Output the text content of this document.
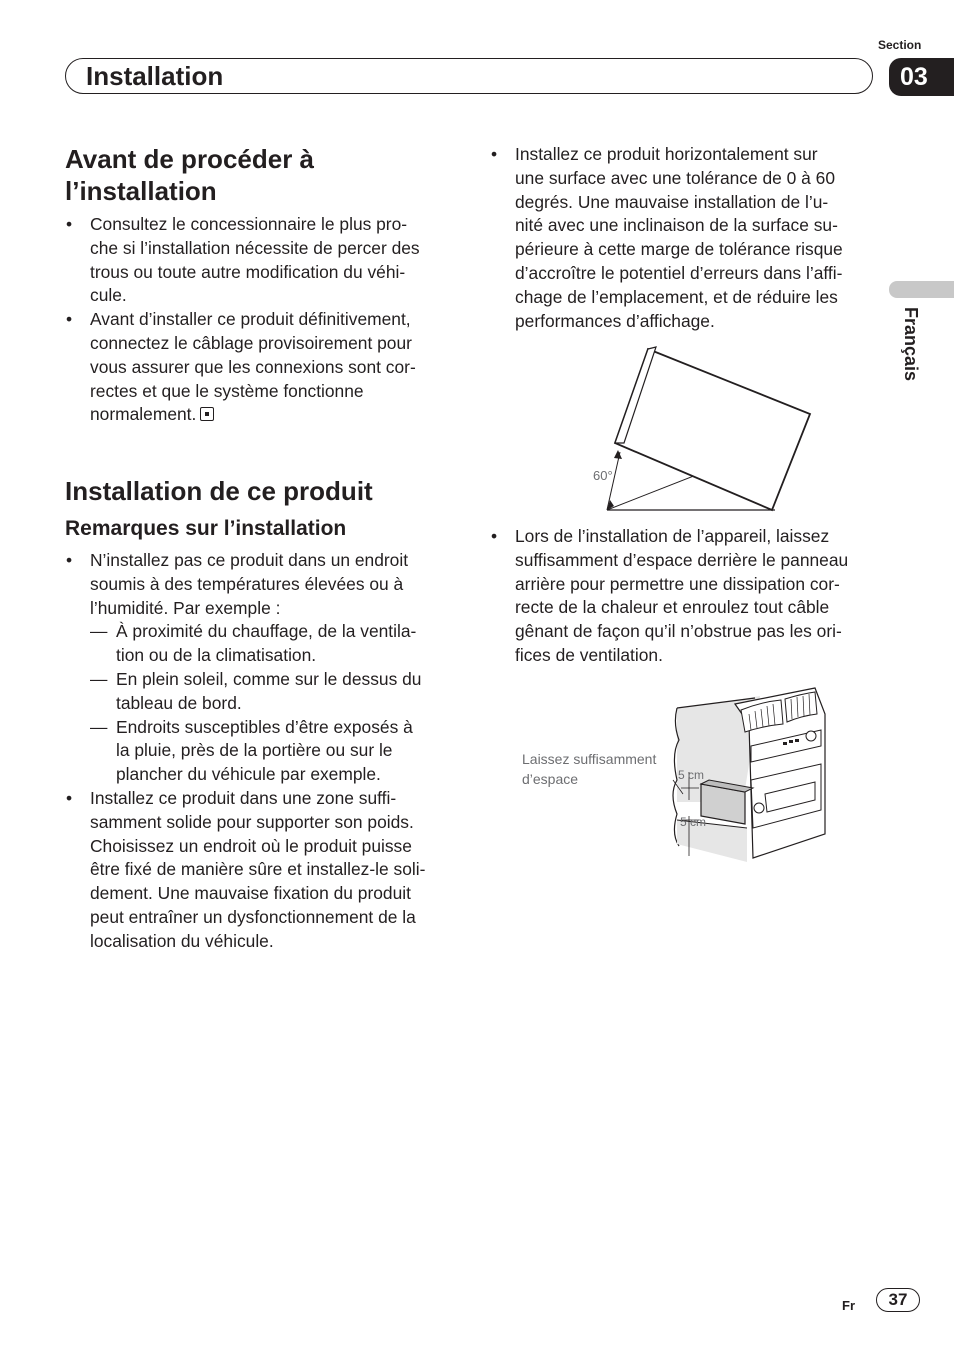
Section
Installation	03
Français
Avant de procéder à
l’installation
• Consultez le concessionnaire le plus pro-
che si l’installation nécessite de percer des
trous ou toute autre modification du véhi-
cule.
• Avant d’installer ce produit définitivement,
connectez le câblage provisoirement pour
vous assurer que les connexions sont cor-
rectes et que le système fonctionne
normalement.
Installation de ce produit
Remarques sur l’installation
• N’installez pas ce produit dans un endroit
soumis à des températures élevées ou à
l’humidité. Par exemple :
— À proximité du chauffage, de la ventila-
tion ou de la climatisation.
— En plein soleil, comme sur le dessus du
tableau de bord.
— Endroits susceptibles d’être exposés à
la pluie, près de la portière ou sur le
plancher du véhicule par exemple.
• Installez ce produit dans une zone suffi-
samment solide pour supporter son poids.
Choisissez un endroit où le produit puisse
être fixé de manière sûre et installez-le soli-
dement. Une mauvaise fixation du produit
peut entraîner un dysfonctionnement de la
localisation du véhicule.
• Installez ce produit horizontalement sur
une surface avec une tolérance de 0 à 60
degrés. Une mauvaise installation de l’u-
nité avec une inclinaison de la surface su-
périeure à cette marge de tolérance risque
d’accroître le potentiel d’erreurs dans l’affi-
chage de l’emplacement, et de réduire les
performances d’affichage.
60°
• Lors de l’installation de l’appareil, laissez
suffisamment d’espace derrière le panneau
arrière pour permettre une dissipation cor-
recte de la chaleur et enroulez tout câble
gênant de façon qu’il n’obstrue pas les ori-
fices de ventilation.
Laissez suffisamment
d’espace	5 cm
5 cm
Fr	37
